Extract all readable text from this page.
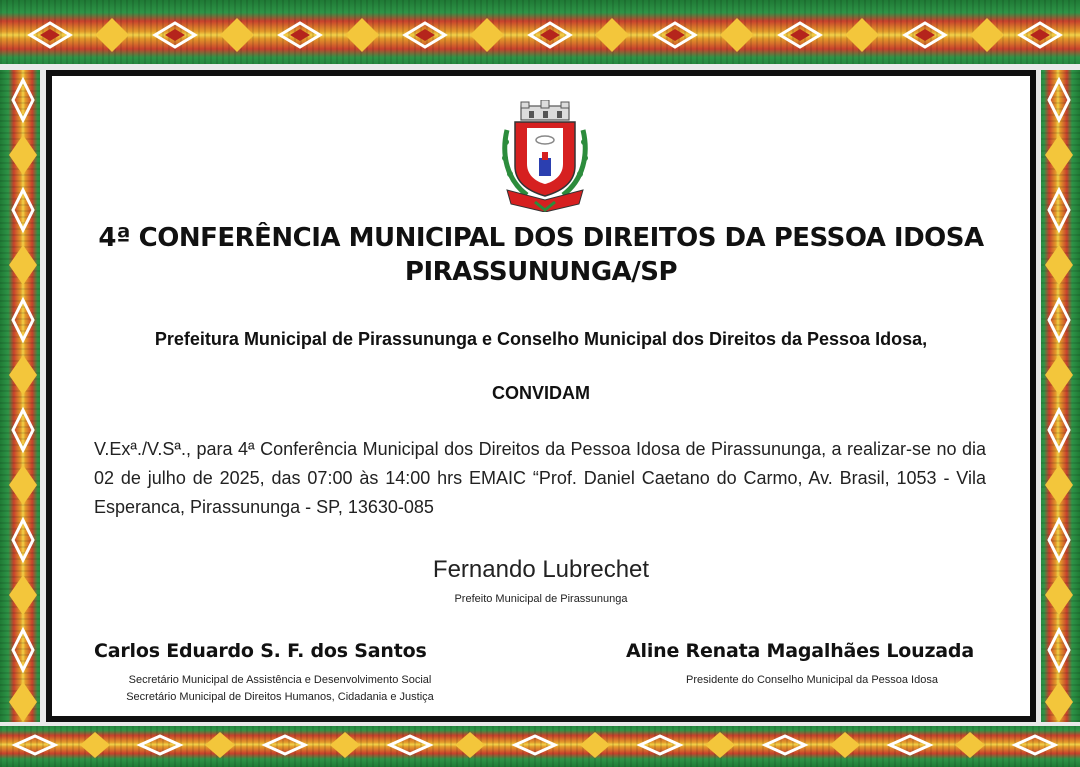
4ª CONFERÊNCIA MUNICIPAL DOS DIREITOS DA PESSOA IDOSA
PIRASSUNUNGA/SP
Prefeitura Municipal de Pirassununga e Conselho Municipal dos Direitos da Pessoa Idosa,
CONVIDAM
V.Exª./V.Sª., para 4ª Conferência Municipal dos Direitos da Pessoa Idosa de Pirassununga, a realizar-se no dia 02 de julho de 2025, das 07:00 às 14:00 hrs EMAIC “Prof. Daniel Caetano do Carmo, Av. Brasil, 1053 - Vila Esperanca, Pirassununga - SP, 13630-085
Fernando Lubrechet
Prefeito Municipal de Pirassununga
Carlos Eduardo S. F. dos Santos
Secretário Municipal de Assistência e Desenvolvimento Social
Secretário Municipal de Direitos Humanos, Cidadania e Justiça
Aline Renata Magalhães Louzada
Presidente do Conselho Municipal da Pessoa Idosa
